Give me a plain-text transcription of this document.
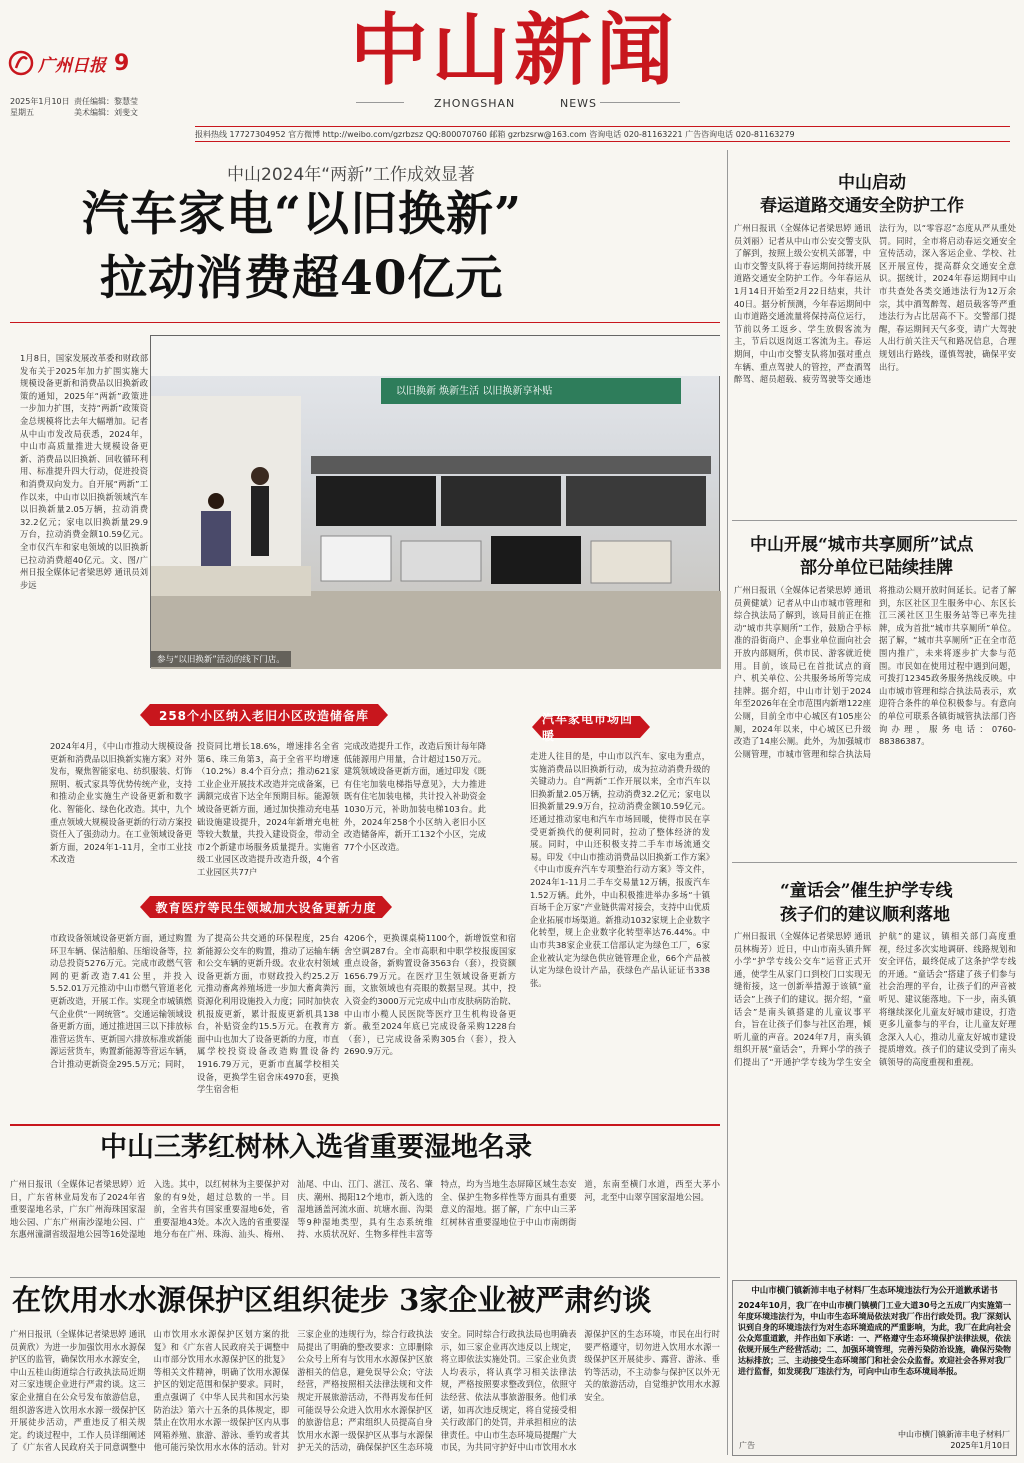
广州日报 9
2025年1月10日
星期五
责任编辑：黎慧莹
美术编辑：刘斐文
中山新闻
ZHONGSHAN	NEWS
报料热线 17727304952 官方微博 http://weibo.com/gzrbzsz QQ:800070760 邮箱 gzrbzsrw@163.com 咨询电话 020-81163221 广告咨询电话 020-81163279
中山2024年“两新”工作成效显著
汽车家电“以旧换新”
拉动消费超40亿元
1月8日，国家发展改革委和财政部发布关于2025年加力扩围实施大规模设备更新和消费品以旧换新政策的通知，2025年“两新”政策进一步加力扩围，支持“两新”政策资金总规模将比去年大幅增加。记者从中山市发改局获悉，2024年，中山市高质量推进大规模设备更新、消费品以旧换新、回收循环利用、标准提升四大行动，促进投资和消费双向发力。自开展“两新”工作以来，中山市以旧换新领域汽车以旧换新量2.05万辆，拉动消费32.2亿元；家电以旧换新量29.9万台，拉动消费金额10.59亿元。全市仅汽车和家电领域的以旧换新已拉动消费超40亿元。文、图/广州日报全媒体记者梁思婷 通讯员刘步远
以旧换新 焕新生活 以旧换新享补贴
参与“以旧换新”活动的线下门店。
258个小区纳入老旧小区改造储备库
2024年4月，《中山市推动大规模设备更新和消费品以旧换新实施方案》对外发布，聚焦智能家电、纺织服装、灯饰照明、板式家具等优势传统产业，支持和推动企业实施生产设备更新和数字化、智能化、绿色化改造。其中，九个重点领域大规模设备更新的行动方案投资任入了强劲动力。在工业领域设备更新方面，2024年1-11月，全市工业技术改造
投资同比增长18.6%，增速排名全省第6、珠三角第3，高于全省平均增速（10.2%）8.4个百分点；推动621家工业企业开展技术改造并完成备案，已满额完成省下达全年预期目标。能源领域设备更新方面，通过加快推动充电基础设施建设提升，2024年新增充电桩等较大数量，共投入建设资金，带动全市2个新建市场服务质量提升。实施省级工业园区改造提升改造升级，4个省工业园区共77户
完成改造提升工作，改造后预计每年降低能源用户用量，合计超过150万元。建筑领域设备更新方面，通过印发《既有住宅加装电梯指导意见》，大力推进既有住宅加装电梯，共计投入补助资金1030万元，补助加装电梯103台。此外，2024年258个小区纳入老旧小区改造储备库，新开工132个小区，完成77个小区改造。
汽车家电市场回暖
走进人往目的是，中山市以汽车、家电为重点，实施消费品以旧换新行动，成为拉动消费升级的关键动力。自“两新”工作开展以来，全市汽车以旧换新量2.05万辆，拉动消费32.2亿元；家电以旧换新量29.9万台，拉动消费金额10.59亿元。还通过推动家电和汽车市场回暖，使得市民在享受更新换代的便利同时，拉动了整体经济的发展。同时，中山还积极支持二手车市场流通交易。印发《中山市推动消费品以旧换新工作方案》《中山市废弃汽车专项整治行动方案》等文件，2024年1-11月二手车交易量12万辆，报废汽车1.52万辆。此外，中山积极推进举办多场“十镇百场千企万家”产业链供需对接会，支持中山优质企业拓展市场渠道。新推动1032家规上企业数字化转型，规上企业数字化转型率达76.44%。中山市共38家企业获工信部认定为绿色工厂，6家企业被认定为绿色供应链管理企业，66个产品被认定为绿色设计产品，获绿色产品认证证书338张。
教育医疗等民生领域加大设备更新力度
市政设备领域设备更新方面，通过购置环卫车辆、保洁船舶、压缩设备等，拉动总投资5276万元。完成市政燃气管网的更新改造7.41公里，并投入5.52.01万元推动中山市燃气管道老化更新改造，开展工作。实现全市城镇燃气企业供“一网统管”。交通运输领域设备更新方面，通过推进国三以下排放标准营运货车、更新国六排放标准或新能源运营货车，购置新能源等营运车辆，合计推动更新资金295.5万元；同时，
为了提高公共交通的环保程度，25台新能源公交车的购置，推动了运输车辆和公交车辆的更新升级。农业农村领域设备更新方面，市财政投入约25.2万元推动畜禽养殖场进一步加大畜禽粪污资源化利用设施投入力度；同时加快农机报废更新，累计报废更新机具138台，补贴资金约15.5万元。在教育方面中山也加大了设备更新的力度，市直属学校投资设备改造购置设备约1916.79万元，更新市直属学校相关设备，更换学生宿舍床4970套，更换学生宿舍柜
4206个，更换课桌椅1100个，新增饭堂和宿舍空调287台。全市高职和中职学校报废国家重点设备，新购置设备3563台（套），投资额1656.79万元。在医疗卫生领域设备更新方面，文旅领域也有亮眼的数据呈现。其中，投入资金约3000万元完成中山市皮肤病防治院、中山市小榄人民医院等医疗卫生机构设备更新。截至2024年底已完成设备采购1228台（套），已完成设备采购305台（套），投入2690.9万元。
中山三茅红树林入选省重要湿地名录
广州日报讯（全媒体记者梁思婷）近日，广东省林业局发布了2024年省重要湿地名录，广东广州海珠国家湿地公园、广东广州南沙湿地公园、广东惠州潼湖省级湿地公园等16处湿地入选。其中，以红树林为主要保护对象的有9处，超过总数的一半。目前，全省共有国家重要湿地6处，省重要湿地43处。本次入选的省重要湿地分布在广州、珠海、汕头、梅州、汕尾、中山、江门、湛江、茂名、肇庆、潮州、揭阳12个地市，新入选的湿地涵盖河流水面、坑塘水面、沟渠等9种湿地类型，具有生态系统维持、水质状况好、生物多样性丰富等特点，均为当地生态屏障区域生态安全、保护生物多样性等方面具有重要意义的湿地。据了解，广东中山三茅红树林省重要湿地位于中山市南朗街道，东南至横门水道，西至大茅小河，北至中山翠亨国家湿地公园。
在饮用水水源保护区组织徒步 3家企业被严肃约谈
广州日报讯（全媒体记者梁思婷 通讯员黄欣）为进一步加强饮用水水源保护区的监管，确保饮用水水源安全，中山五桂山街道综合行政执法局近期对三家违规企业进行严肃约谈。这三家企业擅自在公众号发布旅游信息，组织游客进入饮用水水源一级保护区开展徒步活动，严重违反了相关规定。约谈过程中，工作人员详细阐述了《广东省人民政府关于同意调整中山市饮用水水源保护区划方案的批复》和《广东省人民政府关于调整中山市部分饮用水水源保护区的批复》等相关文件精神，明确了饮用水源保护区的划定范围和保护要求。同时，重点强调了《中华人民共和国水污染防治法》第六十五条的具体规定，即禁止在饮用水水源一级保护区内从事网箱养殖、旅游、游泳、垂钓或者其他可能污染饮用水水体的活动。针对三家企业的违规行为，综合行政执法局提出了明确的整改要求：立即删除公众号上所有与饮用水水源保护区旅游相关的信息，避免误导公众；守法经营，严格按照相关法律法规和文件规定开展旅游活动，不得再发布任何可能误导公众进入饮用水水源保护区的旅游信息；严肃组织人员提高自身饮用水水源一级保护区从事与水源保护无关的活动，确保保护区生态环境安全。同时综合行政执法局也明确表示，如三家企业再次违反以上规定，将立即依法实施处罚。三家企业负责人均表示，将认真学习相关法律法规，严格按照要求整改到位，依照守法经营、依法从事旅游服务。他们承诺，如再次违反规定，将自觉接受相关行政部门的处罚，并承担相应的法律责任。中山市生态环境局提醒广大市民，为共同守护好中山市饮用水水源保护区的生态环境，市民在出行时要严格遵守，切勿进入饮用水水源一级保护区开展徒步、露营、游泳、垂钓等活动，不主动参与保护区以外无关的旅游活动，自觉维护饮用水水源安全。
中山启动
春运道路交通安全防护工作
广州日报讯（全媒体记者梁思婷 通讯员刘丽）记者从中山市公安交警支队了解到，按照上级公安机关部署，中山市交警支队将于春运期间持续开展道路交通安全防护工作。今年春运从1月14日开始至2月22日结束，共计40日。据分析预测，今年春运期间中山市道路交通流量将保持高位运行，节前以务工返乡、学生放假客流为主，节后以返岗返工客流为主。春运期间，中山市交警支队将加强对重点车辆、重点驾驶人的管控，严查酒驾醉驾、超员超载、疲劳驾驶等交通违法行为，以“零容忍”态度从严从重处罚。同时，全市将启动春运交通安全宣传活动，深入客运企业、学校、社区开展宣传，提高群众交通安全意识。据统计，2024年春运期间中山市共查处各类交通违法行为12万余宗，其中酒驾醉驾、超员载客等严重违法行为占比居高不下。交警部门提醒，春运期间天气多变，请广大驾驶人出行前关注天气和路况信息，合理规划出行路线，谨慎驾驶，确保平安出行。
中山开展“城市共享厕所”试点
部分单位已陆续挂牌
广州日报讯（全媒体记者梁思婷 通讯员黄健斌）记者从中山市城市管理和综合执法局了解到，该局目前正在推动“城市共享厕所”工作，鼓励合乎标准的沿街商户、企事业单位面向社会开放内部厕所，供市民、游客就近使用。目前，该局已在首批试点的商户、机关单位、公共服务场所等完成挂牌。据介绍，中山市计划于2024年至2026年在全市范围内新增122座公厕，目前全市中心城区有105座公厕，2024年以来，中心城区已升级改造了14座公厕。此外，为加强城市公厕管理，市城市管理和综合执法局将推动公厕开放时间延长。记者了解到，东区社区卫生服务中心、东区长江三溪社区卫生服务站等已率先挂牌，成为首批“城市共享厕所”单位。据了解，“城市共享厕所”正在全市范围内推广，未来将逐步扩大参与范围。市民如在使用过程中遇到问题，可拨打12345政务服务热线反映。中山市城市管理和综合执法局表示，欢迎符合条件的单位积极参与。有意向的单位可联系各镇街城管执法部门咨询办理，服务电话：0760-88386387。
“童话会”催生护学专线
孩子们的建议顺利落地
广州日报讯（全媒体记者梁思婷 通讯员林梅芳）近日，中山市南头镇升辉小学“护学专线公交车”运营正式开通，使学生从家门口到校门口实现无缝衔接，这一创新举措源于该镇“童话会”上孩子们的建议。据介绍，“童话会”是南头镇搭建的儿童议事平台，旨在让孩子们参与社区治理，倾听儿童的声音。2024年7月，南头镇组织开展“童话会”，升辉小学的孩子们提出了“开通护学专线为学生安全护航”的建议，镇相关部门高度重视，经过多次实地调研、线路规划和安全评估，最终促成了这条护学专线的开通。“童话会”搭建了孩子们参与社会治理的平台，让孩子们的声音被听见、建议能落地。下一步，南头镇将继续深化儿童友好城市建设，打造更多儿童参与的平台，让儿童友好理念深入人心，推动儿童友好城市建设提质增效。孩子们的建议受到了南头镇领导的高度重视和重视。
中山市横门镇新沛丰电子材料厂生态环境违法行为公开道歉承诺书
2024年10月，我厂在中山市横门镇横门工业大道30号之五成厂内实施第一年度环境违法行为，中山市生态环境局依法对我厂作出行政处罚。我厂深刻认识到自身的环境违法行为对生态环境造成的严重影响，为此，我厂在此向社会公众郑重道歉，并作出如下承诺：一、严格遵守生态环境保护法律法规，依法依规开展生产经营活动；二、加强环境管理，完善污染防治设施，确保污染物达标排放；三、主动接受生态环境部门和社会公众监督。欢迎社会各界对我厂进行监督，如发现我厂违法行为，可向中山市生态环境局举报。
中山市横门镇新沛丰电子材料厂
2025年1月10日
广告
